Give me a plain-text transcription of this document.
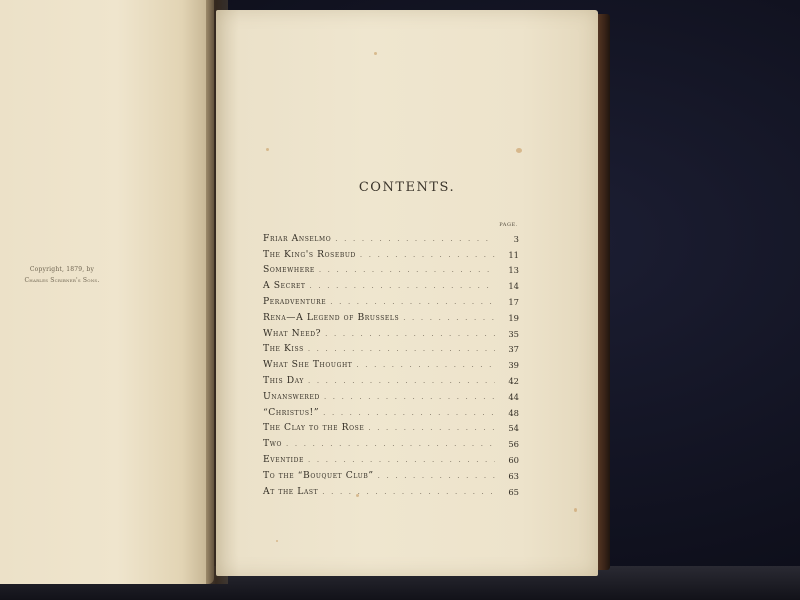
Copyright, 1879, by
Charles Scribner's Sons.
CONTENTS.
PAGE.
Friar Anselmo . . .	3
The King's Rosebud . . .	11
Somewhere . . .	13
A Secret . . .	14
Peradventure . . .	17
Rena—A Legend of Brussels . . .	19
What Need? . . .	35
The Kiss . . .	37
What She Thought . . .	39
This Day . . .	42
Unanswered . . .	44
“Christus!” . . .	48
The Clay to the Rose . . .	54
Two . . .	56
Eventide . . .	60
To the “Bouquet Club” . . .	63
At the Last . . .	65
